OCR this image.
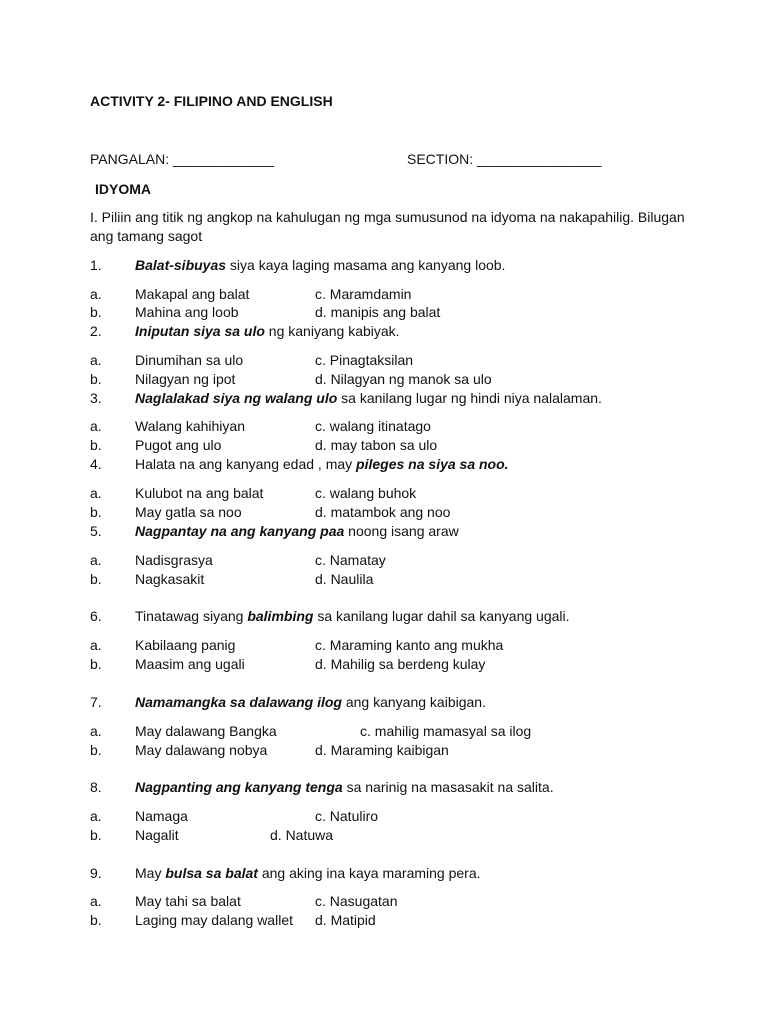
ACTIVITY 2- FILIPINO AND ENGLISH
PANGALAN: _____________	SECTION: ________________
IDYOMA
I. Piliin ang titik ng angkop na kahulugan ng mga sumusunod na idyoma na nakapahilig. Bilugan ang tamang sagot
1. Balat-sibuyas siya kaya laging masama ang kanyang loob.
a. Makapal ang balat	c. Maramdamin
b. Mahina ang loob	d. manipis ang balat
2. Iniputan siya sa ulo ng kaniyang kabiyak.
a. Dinumihan sa ulo	c. Pinagtaksilan
b. Nilagyan ng ipot	d. Nilagyan ng manok sa ulo
3. Naglalakad siya ng walang ulo sa kanilang lugar ng hindi niya nalalaman.
a. Walang kahihiyan	c. walang itinatago
b. Pugot ang ulo	d. may tabon sa ulo
4. Halata na ang kanyang edad , may pileges na siya sa noo.
a. Kulubot na ang balat	c. walang buhok
b. May gatla sa noo	d. matambok ang noo
5. Nagpantay na ang kanyang paa noong isang araw
a. Nadisgrasya	c. Namatay
b. Nagkasakit	d. Naulila
6. Tinatawag siyang balimbing sa kanilang lugar dahil sa kanyang ugali.
a. Kabilaang panig	c. Maraming kanto ang mukha
b. Maasim ang ugali	d. Mahilig sa berdeng kulay
7. Namamangka sa dalawang ilog ang kanyang kaibigan.
a. May dalawang Bangka	c. mahilig mamasyal sa ilog
b. May dalawang nobya	d. Maraming kaibigan
8. Nagpanting ang kanyang tenga sa narinig na masasakit na salita.
a. Namaga	c. Natuliro
b. Nagalit	d. Natuwa
9. May bulsa sa balat ang aking ina kaya maraming pera.
a. May tahi sa balat	c. Nasugatan
b. Laging may dalang wallet d. Matipid
